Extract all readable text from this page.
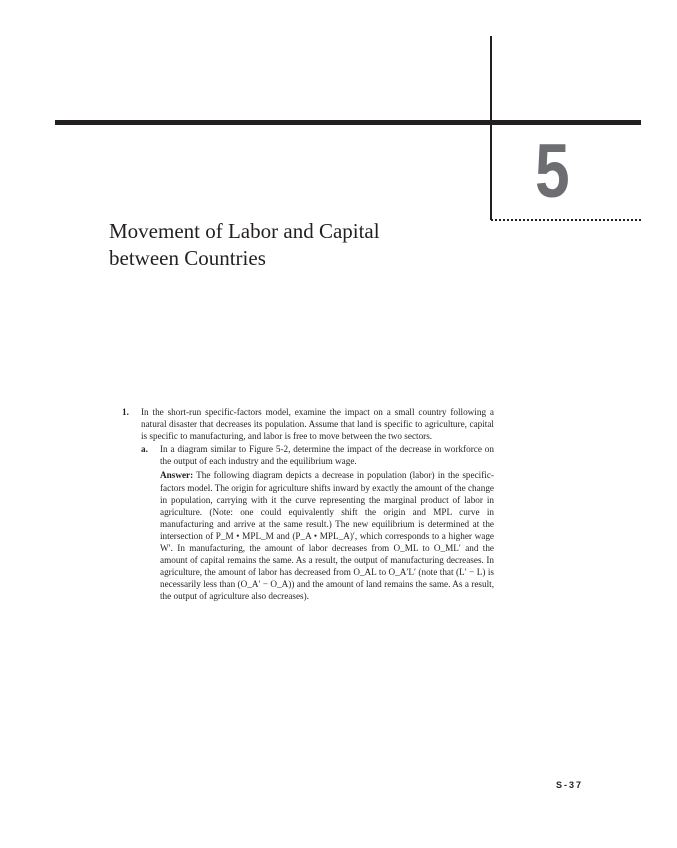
5
Movement of Labor and Capital
between Countries
1. In the short-run specific-factors model, examine the impact on a small country following a natural disaster that decreases its population. Assume that land is specific to agriculture, capital is specific to manufacturing, and labor is free to move between the two sectors.
a. In a diagram similar to Figure 5-2, determine the impact of the decrease in workforce on the output of each industry and the equilibrium wage.
Answer: The following diagram depicts a decrease in population (labor) in the specific-factors model. The origin for agriculture shifts inward by exactly the amount of the change in population, carrying with it the curve representing the marginal product of labor in agriculture. (Note: one could equivalently shift the origin and MPL curve in manufacturing and arrive at the same result.) The new equilibrium is determined at the intersection of P_M • MPL_M and (P_A • MPL_A)′, which corresponds to a higher wage W′. In manufacturing, the amount of labor decreases from O_ML to O_ML′ and the amount of capital remains the same. As a result, the output of manufacturing decreases. In agriculture, the amount of labor has decreased from O_AL to O_A′L′ (note that (L′ − L) is necessarily less than (O_A′ − O_A)) and the amount of land remains the same. As a result, the output of agriculture also decreases).
S-37
